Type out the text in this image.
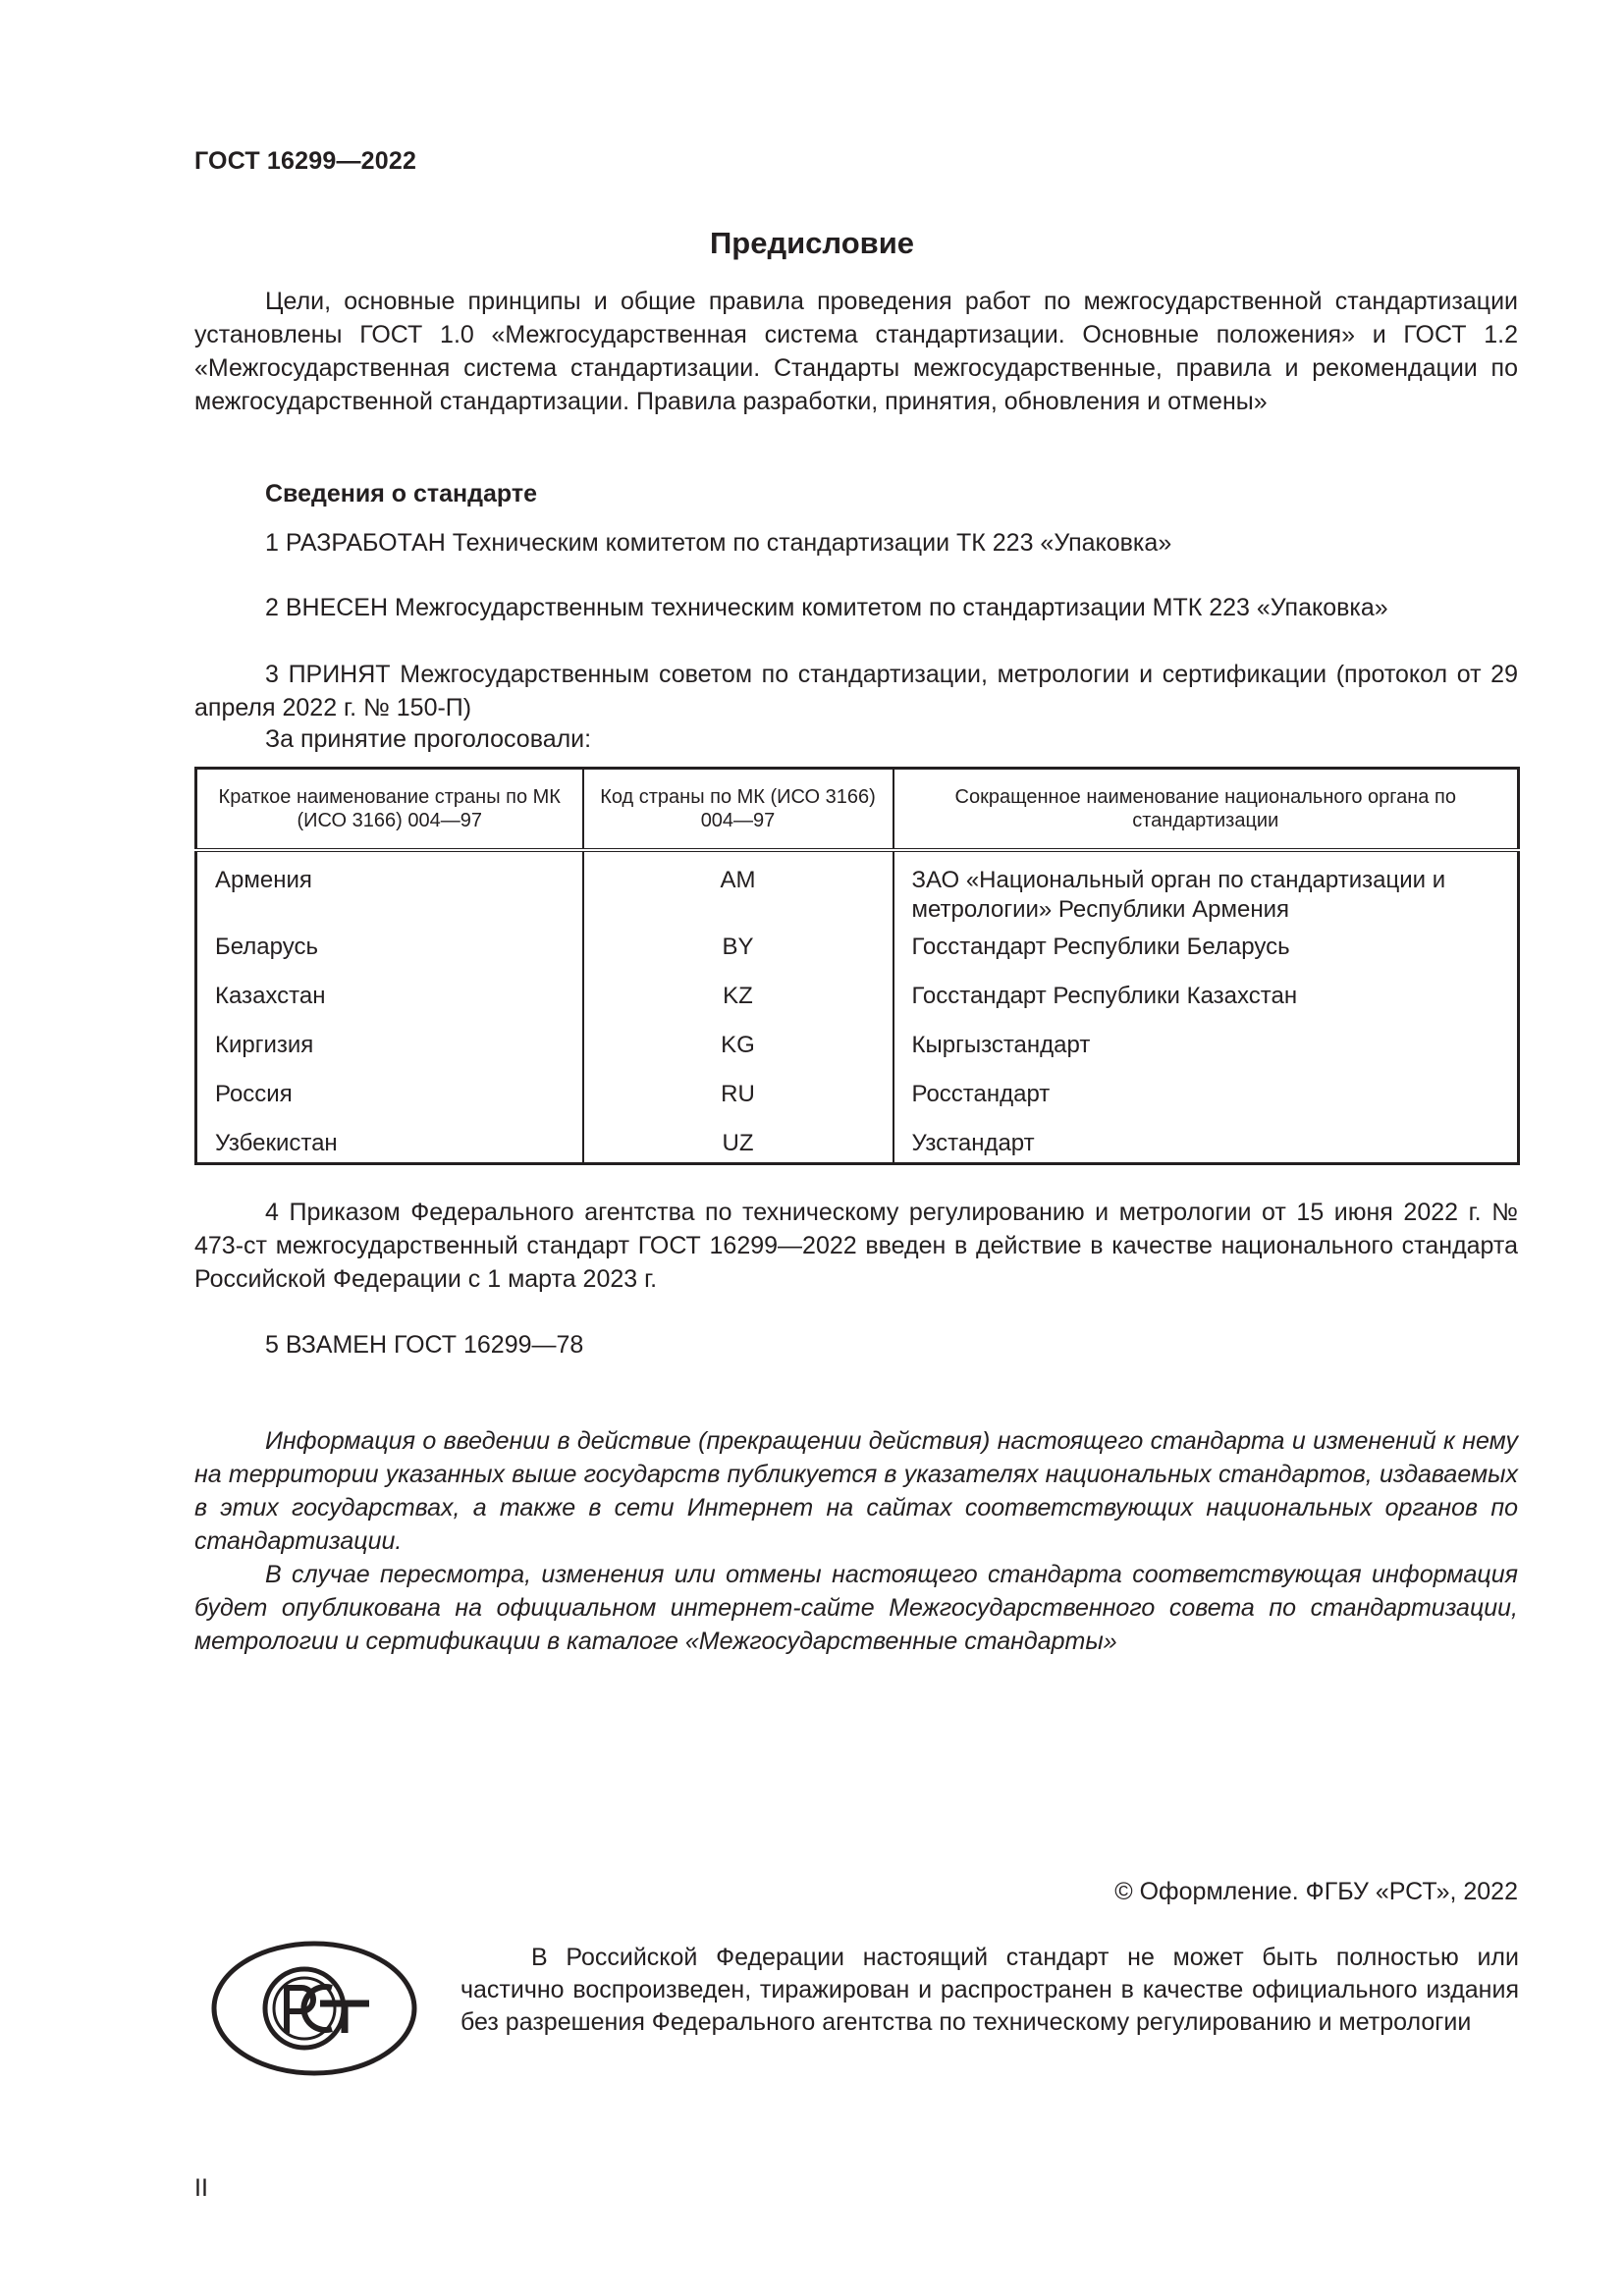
ГОСТ 16299—2022
Предисловие
Цели, основные принципы и общие правила проведения работ по межгосударственной стандартизации установлены ГОСТ 1.0 «Межгосударственная система стандартизации. Основные положения» и ГОСТ 1.2 «Межгосударственная система стандартизации. Стандарты межгосударственные, правила и рекомендации по межгосударственной стандартизации. Правила разработки, принятия, обновления и отмены»
Сведения о стандарте
1 РАЗРАБОТАН Техническим комитетом по стандартизации ТК 223 «Упаковка»
2 ВНЕСЕН Межгосударственным техническим комитетом по стандартизации МТК 223 «Упаковка»
3 ПРИНЯТ Межгосударственным советом по стандартизации, метрологии и сертификации (протокол от 29 апреля 2022 г. № 150-П)
За принятие проголосовали:
Краткое наименование страны по МК (ИСО 3166) 004—97	Код страны по МК (ИСО 3166) 004—97	Сокращенное наименование национального органа по стандартизации
Армения	AM	ЗАО «Национальный орган по стандартизации и метрологии» Республики Армения
Беларусь	BY	Госстандарт Республики Беларусь
Казахстан	KZ	Госстандарт Республики Казахстан
Киргизия	KG	Кыргызстандарт
Россия	RU	Росстандарт
Узбекистан	UZ	Узстандарт
4 Приказом Федерального агентства по техническому регулированию и метрологии от 15 июня 2022 г. № 473-ст межгосударственный стандарт ГОСТ 16299—2022 введен в действие в качестве национального стандарта Российской Федерации с 1 марта 2023 г.
5 ВЗАМЕН ГОСТ 16299—78
Информация о введении в действие (прекращении действия) настоящего стандарта и изменений к нему на территории указанных выше государств публикуется в указателях национальных стандартов, издаваемых в этих государствах, а также в сети Интернет на сайтах соответствующих национальных органов по стандартизации.
В случае пересмотра, изменения или отмены настоящего стандарта соответствующая информация будет опубликована на официальном интернет-сайте Межгосударственного совета по стандартизации, метрологии и сертификации в каталоге «Межгосударственные стандарты»
© Оформление. ФГБУ «РСТ», 2022
В Российской Федерации настоящий стандарт не может быть полностью или частично воспроизведен, тиражирован и распространен в качестве официального издания без разрешения Федерального агентства по техническому регулированию и метрологии
II
